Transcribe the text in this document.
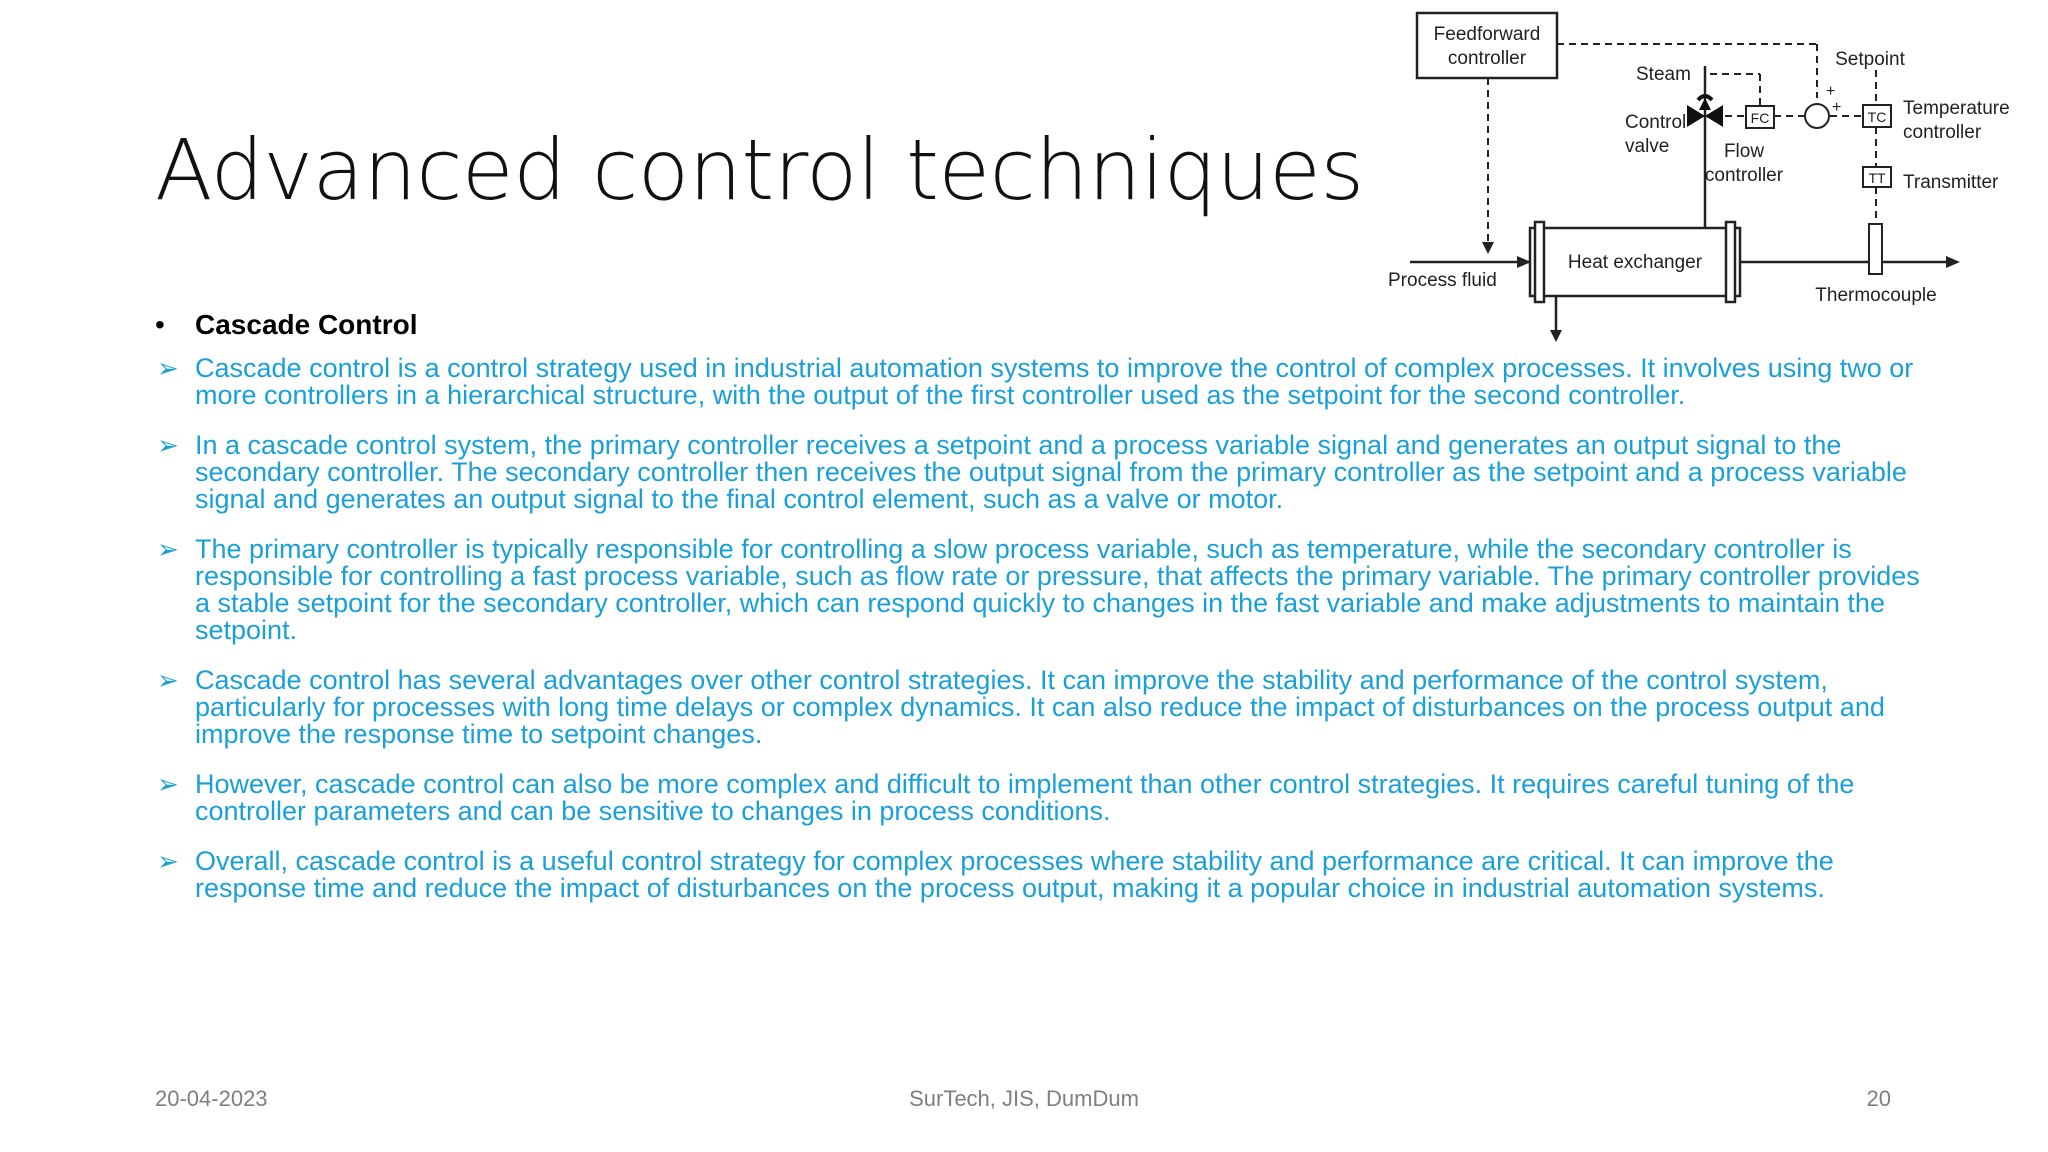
Advanced control techniques
Feedforward
controller
FC
+
+
TC
TT
Heat exchanger
Steam
Setpoint
Control
valve	Flow
controller
Temperature
controller
Transmitter
Process fluid
Thermocouple
• Cascade Control
➢ Cascade control is a control strategy used in industrial automation systems to improve the control of complex processes. It involves using two or more controllers in a hierarchical structure, with the output of the first controller used as the setpoint for the second controller.
➢ In a cascade control system, the primary controller receives a setpoint and a process variable signal and generates an output signal to the secondary controller. The secondary controller then receives the output signal from the primary controller as the setpoint and a process variable signal and generates an output signal to the final control element, such as a valve or motor.
➢ The primary controller is typically responsible for controlling a slow process variable, such as temperature, while the secondary controller is responsible for controlling a fast process variable, such as flow rate or pressure, that affects the primary variable. The primary controller provides a stable setpoint for the secondary controller, which can respond quickly to changes in the fast variable and make adjustments to maintain the setpoint.
➢ Cascade control has several advantages over other control strategies. It can improve the stability and performance of the control system, particularly for processes with long time delays or complex dynamics. It can also reduce the impact of disturbances on the process output and improve the response time to setpoint changes.
➢ However, cascade control can also be more complex and difficult to implement than other control strategies. It requires careful tuning of the controller parameters and can be sensitive to changes in process conditions.
➢ Overall, cascade control is a useful control strategy for complex processes where stability and performance are critical. It can improve the response time and reduce the impact of disturbances on the process output, making it a popular choice in industrial automation systems.
20-04-2023	SurTech, JIS, DumDum	20
